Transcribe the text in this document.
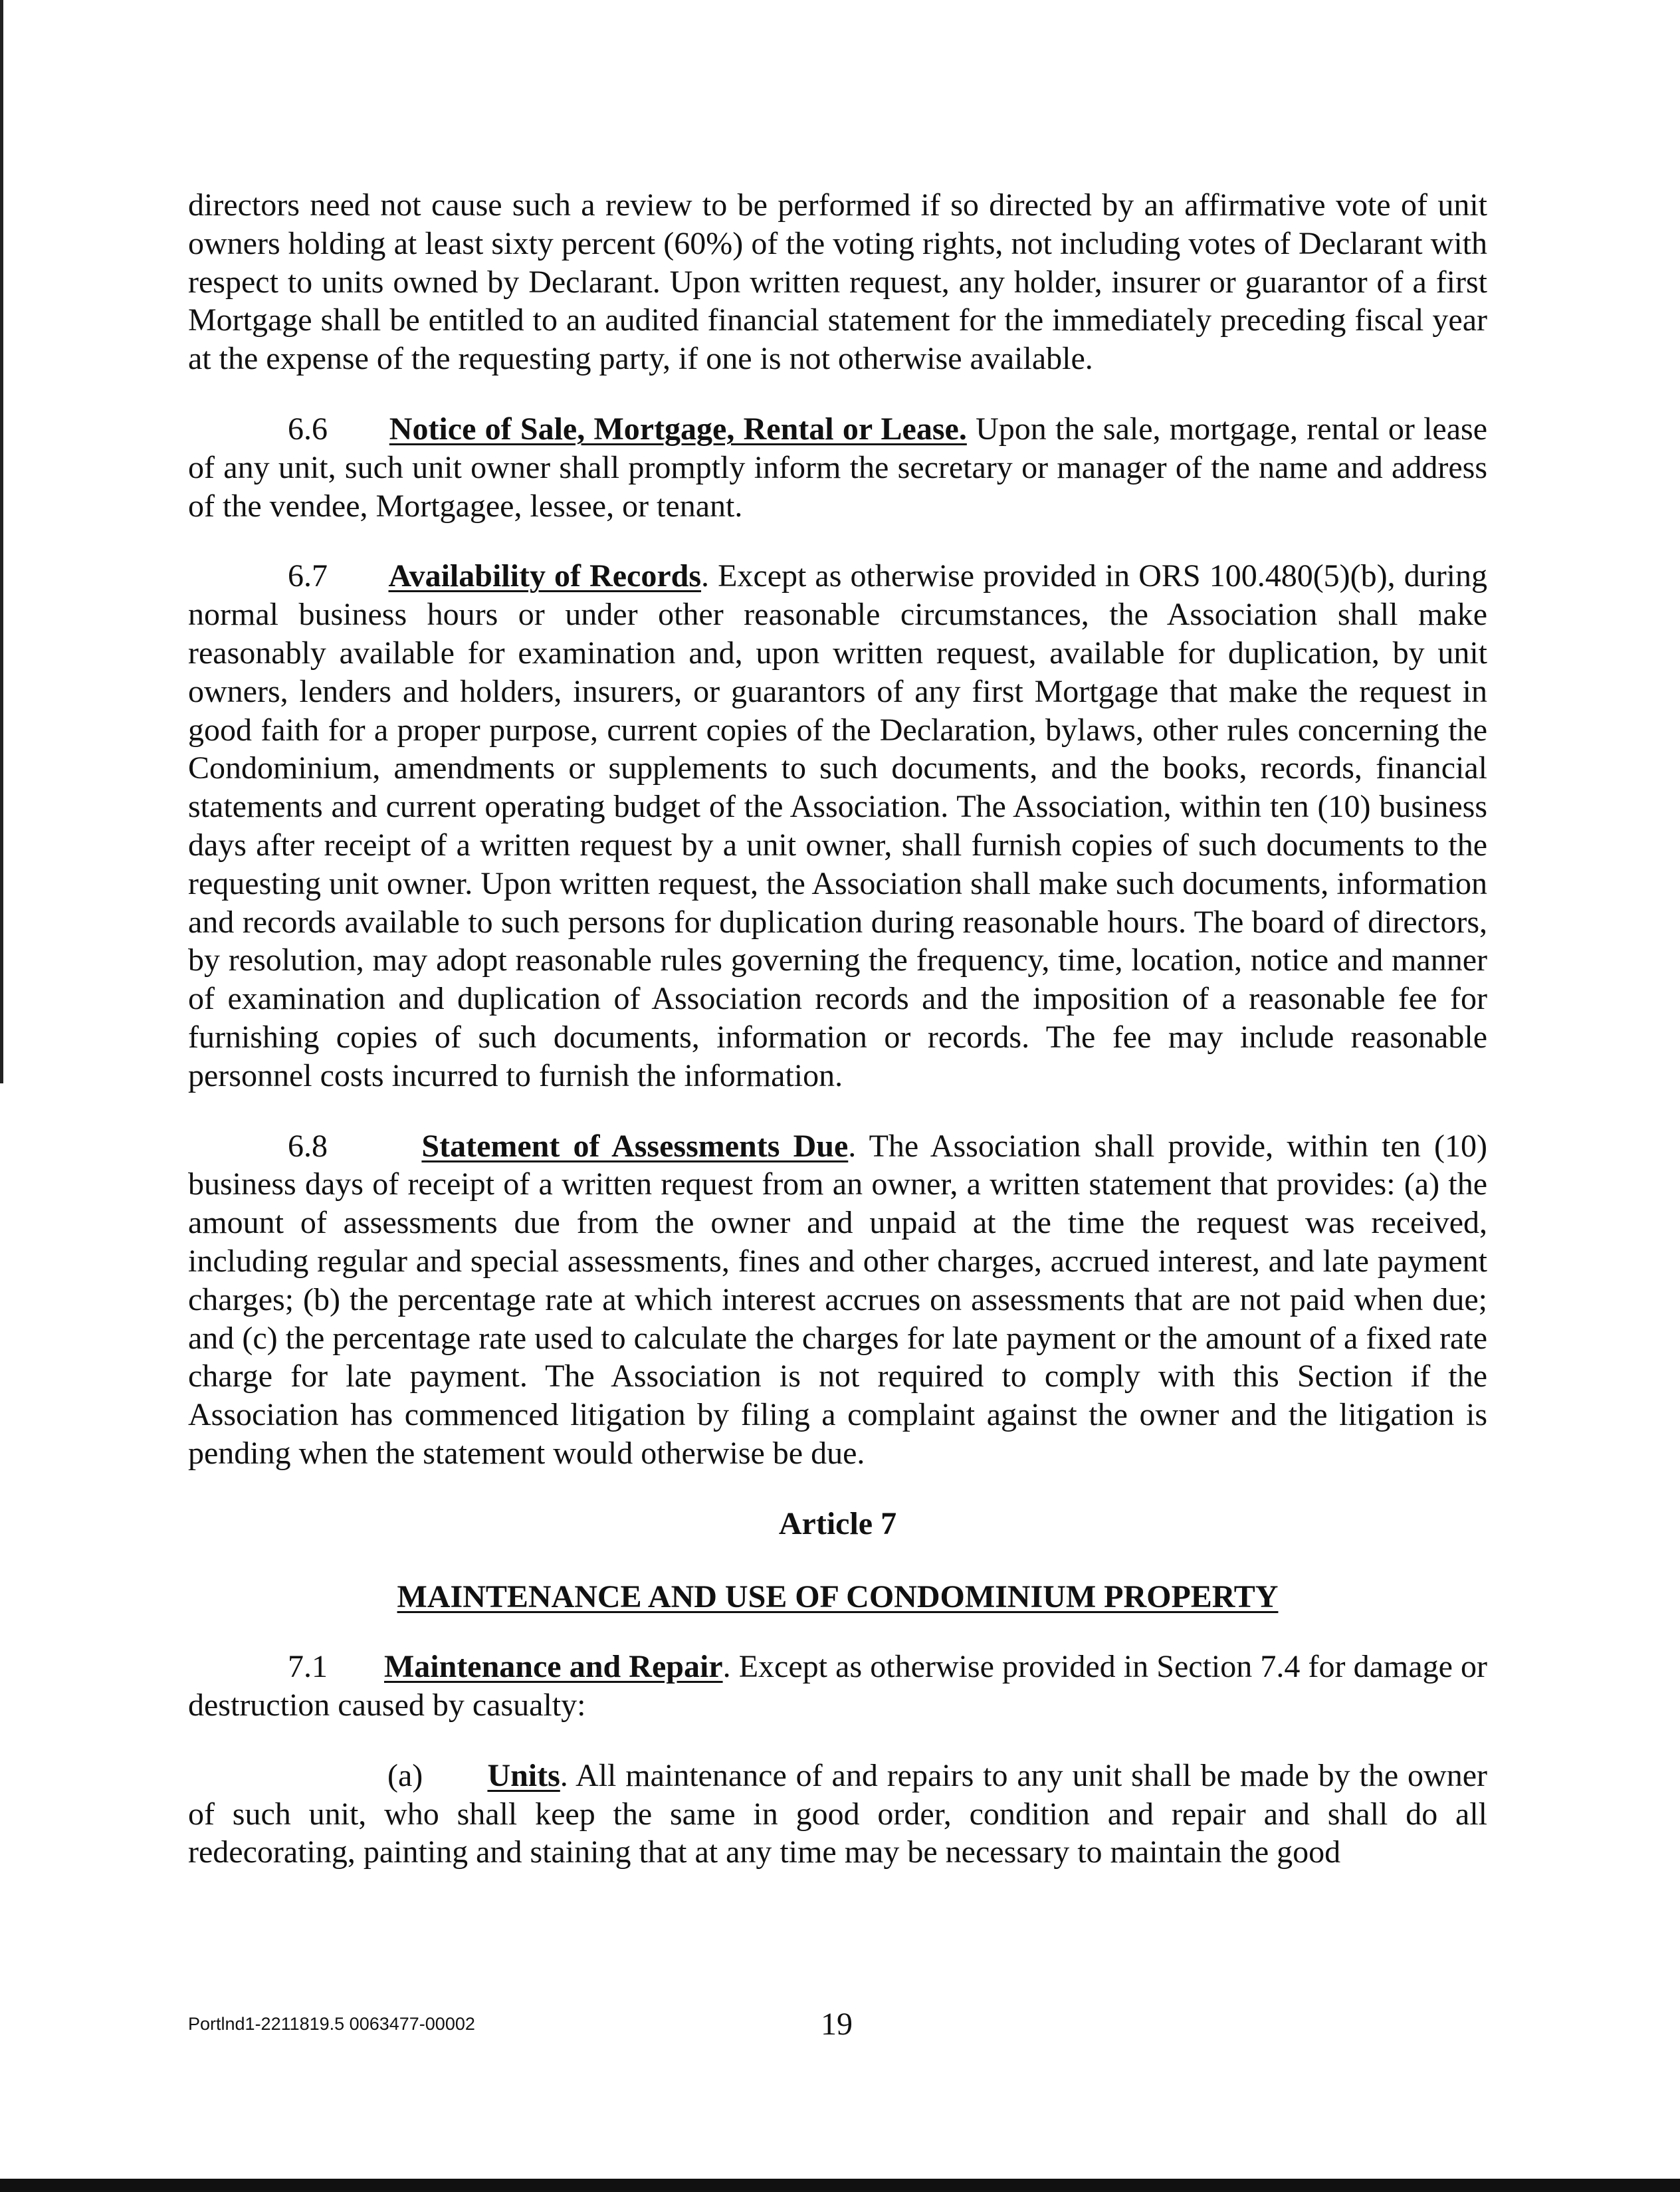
directors need not cause such a review to be performed if so directed by an affirmative vote of unit owners holding at least sixty percent (60%) of the voting rights, not including votes of Declarant with respect to units owned by Declarant. Upon written request, any holder, insurer or guarantor of a first Mortgage shall be entitled to an audited financial statement for the immediately preceding fiscal year at the expense of the requesting party, if one is not otherwise available.

6.6 Notice of Sale, Mortgage, Rental or Lease. Upon the sale, mortgage, rental or lease of any unit, such unit owner shall promptly inform the secretary or manager of the name and address of the vendee, Mortgagee, lessee, or tenant.

6.7 Availability of Records. Except as otherwise provided in ORS 100.480(5)(b), during normal business hours or under other reasonable circumstances, the Association shall make reasonably available for examination and, upon written request, available for duplication, by unit owners, lenders and holders, insurers, or guarantors of any first Mortgage that make the request in good faith for a proper purpose, current copies of the Declaration, bylaws, other rules concerning the Condominium, amendments or supplements to such documents, and the books, records, financial statements and current operating budget of the Association. The Association, within ten (10) business days after receipt of a written request by a unit owner, shall furnish copies of such documents to the requesting unit owner. Upon written request, the Association shall make such documents, information and records available to such persons for duplication during reasonable hours. The board of directors, by resolution, may adopt reasonable rules governing the frequency, time, location, notice and manner of examination and duplication of Association records and the imposition of a reasonable fee for furnishing copies of such documents, information or records. The fee may include reasonable personnel costs incurred to furnish the information.

6.8	Statement of Assessments Due. The Association shall provide, within ten (10) business days of receipt of a written request from an owner, a written statement that provides: (a) the amount of assessments due from the owner and unpaid at the time the request was received, including regular and special assessments, fines and other charges, accrued interest, and late payment charges; (b) the percentage rate at which interest accrues on assessments that are not paid when due; and (c) the percentage rate used to calculate the charges for late payment or the amount of a fixed rate charge for late payment. The Association is not required to comply with this Section if the Association has commenced litigation by filing a complaint against the owner and the litigation is pending when the statement would otherwise be due.

Article 7

MAINTENANCE AND USE OF CONDOMINIUM PROPERTY

7.1 Maintenance and Repair. Except as otherwise provided in Section 7.4 for damage or destruction caused by casualty:

(a) Units. All maintenance of and repairs to any unit shall be made by the owner of such unit, who shall keep the same in good order, condition and repair and shall do all redecorating, painting and staining that at any time may be necessary to maintain the good

Portlnd1-2211819.5 0063477-00002	19
